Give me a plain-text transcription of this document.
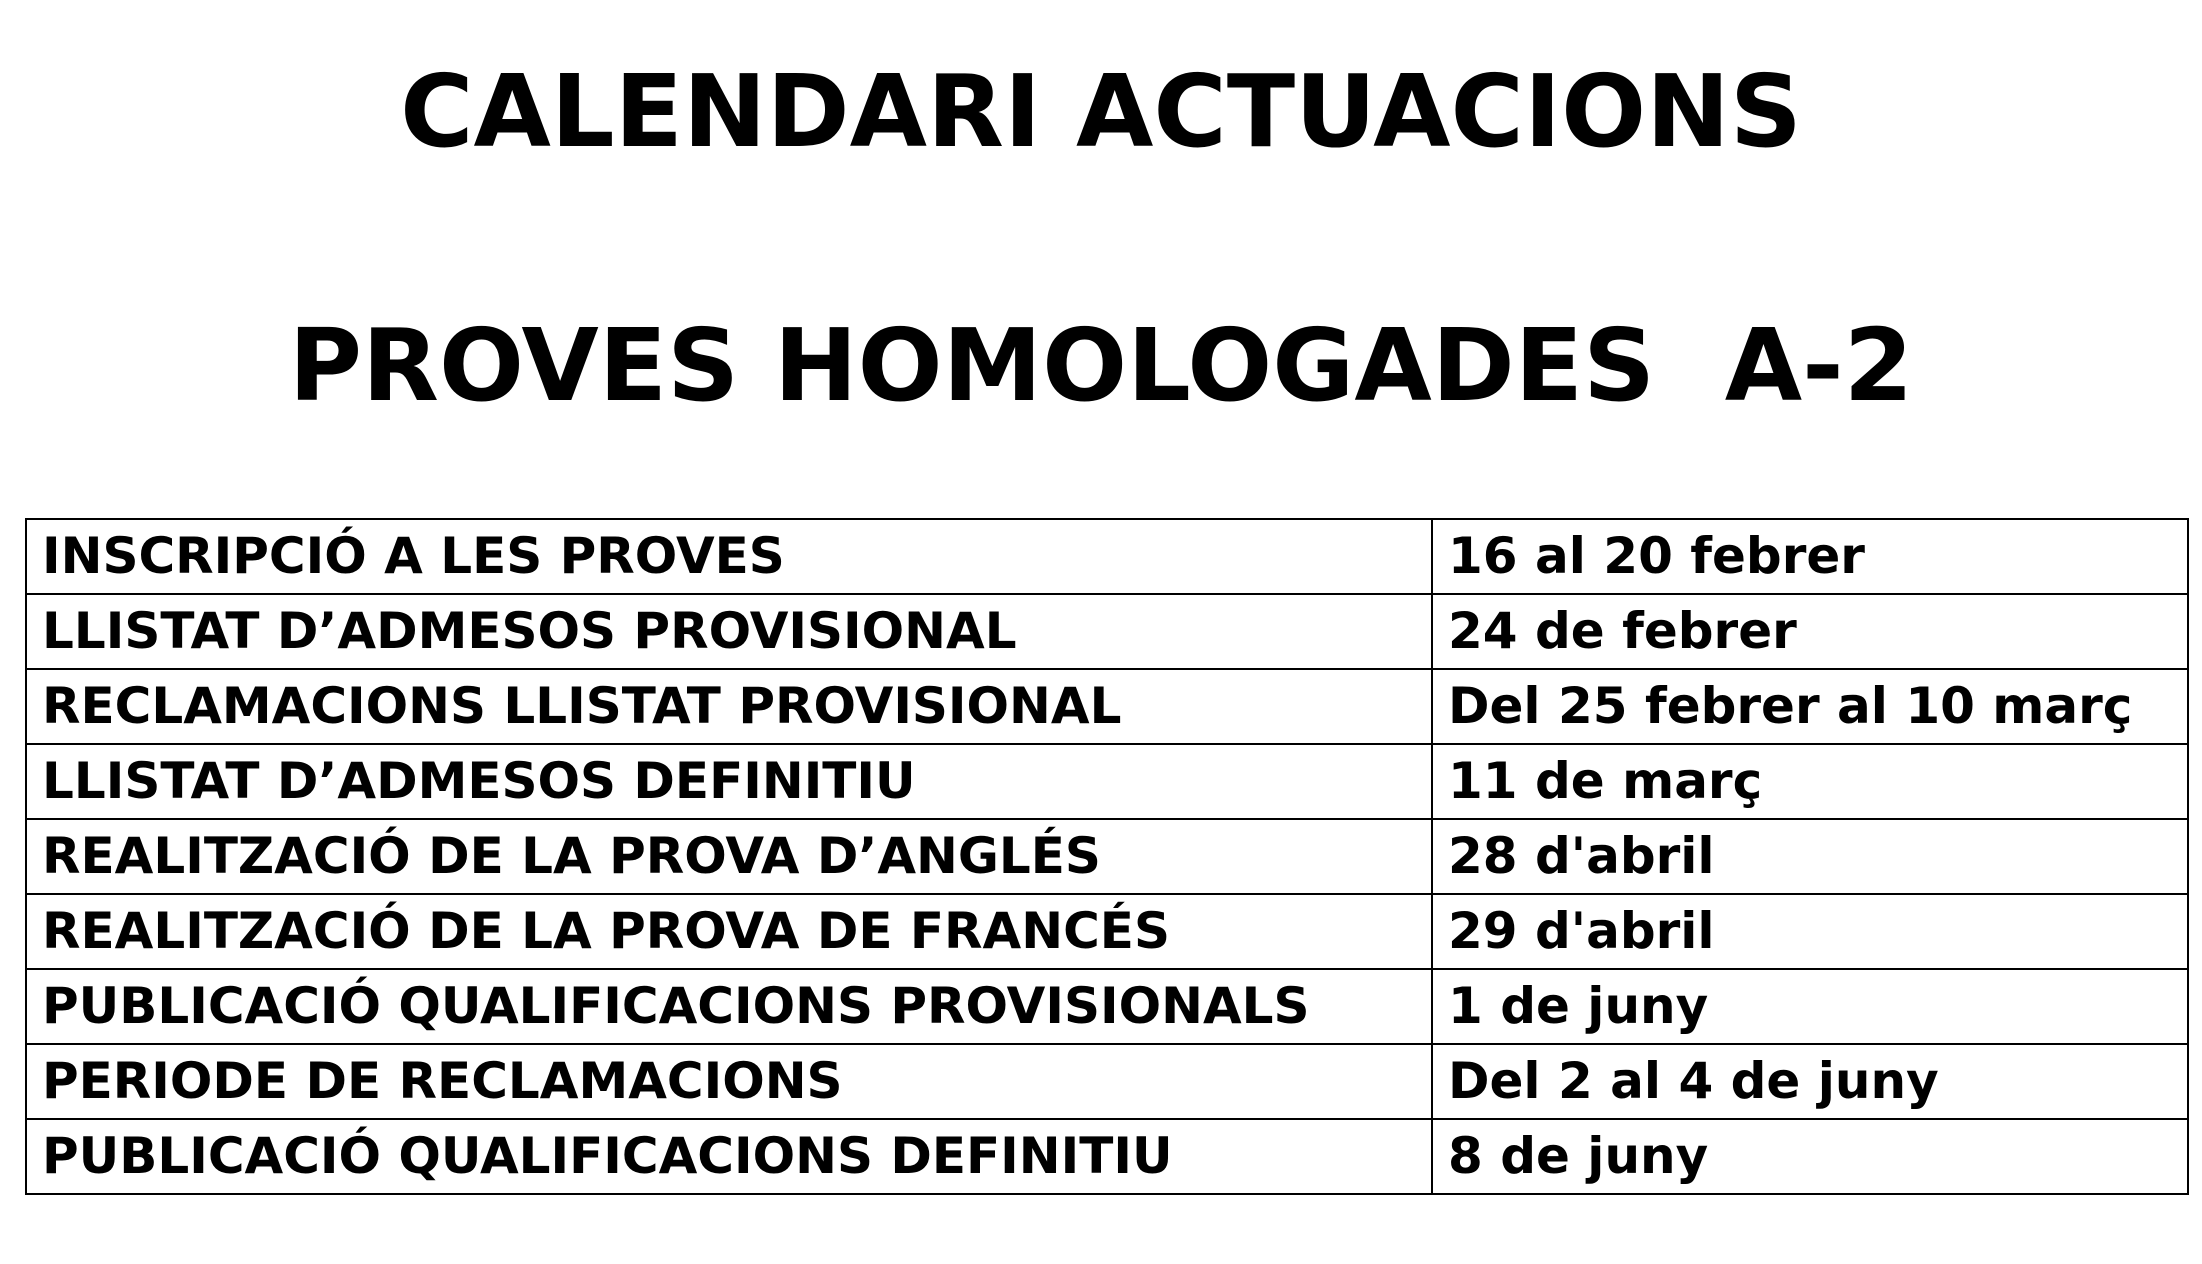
CALENDARI ACTUACIONS
PROVES HOMOLOGADES  A-2
INSCRIPCIÓ A LES PROVES	16 al 20 febrer
LLISTAT D’ADMESOS PROVISIONAL	24 de febrer
RECLAMACIONS LLISTAT PROVISIONAL	Del 25 febrer al 10 març
LLISTAT D’ADMESOS DEFINITIU	11 de març
REALITZACIÓ DE LA PROVA D’ANGLÉS	28 d'abril
REALITZACIÓ DE LA PROVA DE FRANCÉS	29 d'abril
PUBLICACIÓ QUALIFICACIONS PROVISIONALS	1 de juny
PERIODE DE RECLAMACIONS	Del 2 al 4 de juny
PUBLICACIÓ QUALIFICACIONS DEFINITIU	8 de juny
